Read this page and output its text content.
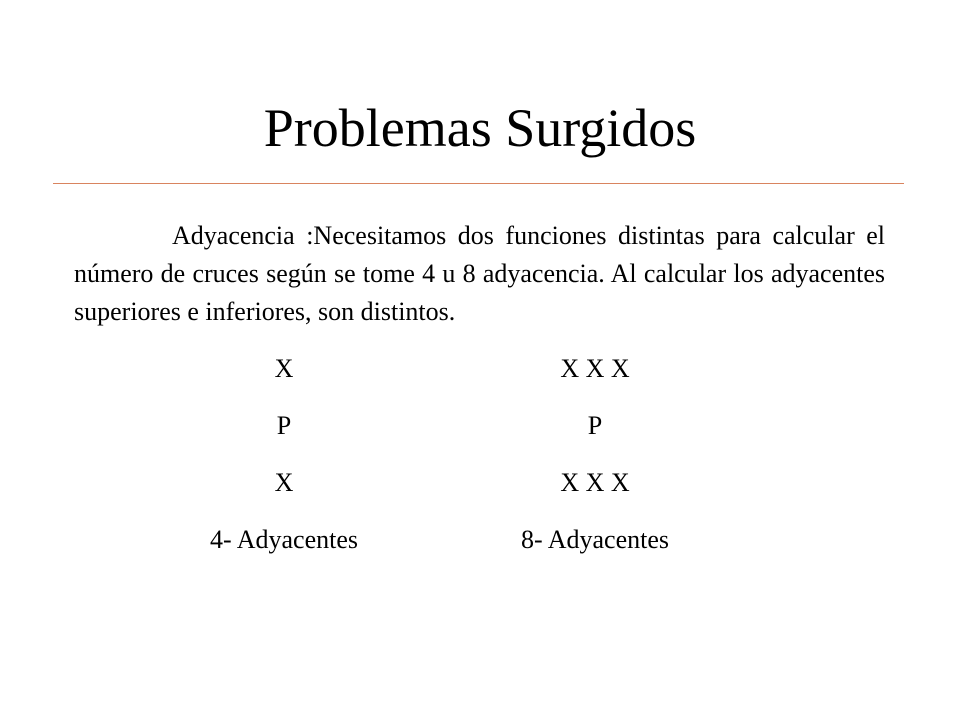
Problemas Surgidos

Adyacencia :Necesitamos dos funciones distintas para calcular el número de cruces según se tome 4 u 8 adyacencia. Al calcular los adyacentes superiores e inferiores, son distintos.

X
P
X
4- Adyacentes
X X X
P
X X X
8- Adyacentes
